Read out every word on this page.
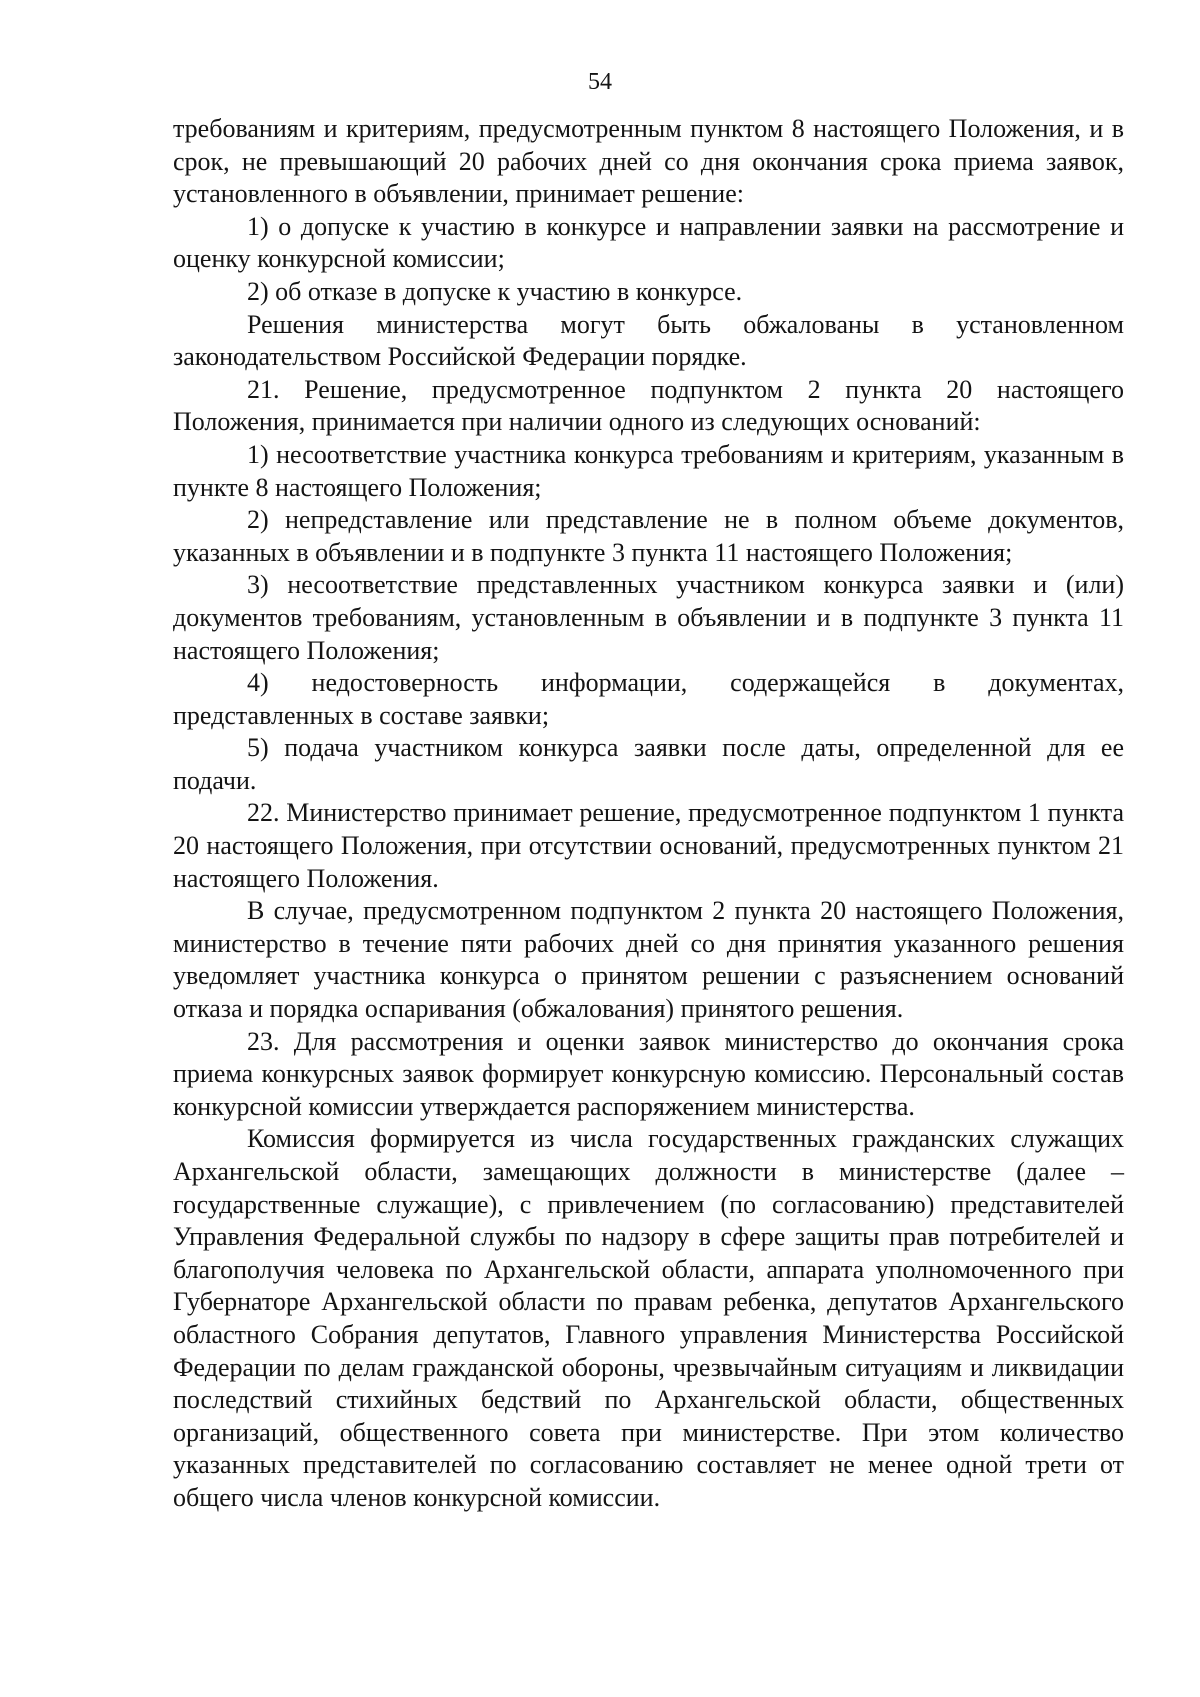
54

требованиям и критериям, предусмотренным пунктом 8 настоящего Положения, и в срок, не превышающий 20 рабочих дней со дня окончания срока приема заявок, установленного в объявлении, принимает решение:

1) о допуске к участию в конкурсе и направлении заявки на рассмотрение и оценку конкурсной комиссии;

2) об отказе в допуске к участию в конкурсе.

Решения министерства могут быть обжалованы в установленном законодательством Российской Федерации порядке.

21. Решение, предусмотренное подпунктом 2 пункта 20 настоящего Положения, принимается при наличии одного из следующих оснований:

1) несоответствие участника конкурса требованиям и критериям, указанным в пункте 8 настоящего Положения;

2) непредставление или представление не в полном объеме документов, указанных в объявлении и в подпункте 3 пункта 11 настоящего Положения;

3) несоответствие представленных участником конкурса заявки и (или) документов требованиям, установленным в объявлении и в подпункте 3 пункта 11 настоящего Положения;

4) недостоверность информации, содержащейся в документах, представленных в составе заявки;

5) подача участником конкурса заявки после даты, определенной для ее подачи.

22. Министерство принимает решение, предусмотренное подпунктом 1 пункта 20 настоящего Положения, при отсутствии оснований, предусмотренных пунктом 21 настоящего Положения.

В случае, предусмотренном подпунктом 2 пункта 20 настоящего Положения, министерство в течение пяти рабочих дней со дня принятия указанного решения уведомляет участника конкурса о принятом решении с разъяснением оснований отказа и порядка оспаривания (обжалования) принятого решения.

23. Для рассмотрения и оценки заявок министерство до окончания срока приема конкурсных заявок формирует конкурсную комиссию. Персональный состав конкурсной комиссии утверждается распоряжением министерства.

Комиссия формируется из числа государственных гражданских служащих Архангельской области, замещающих должности в министерстве (далее – государственные служащие), с привлечением (по согласованию) представителей Управления Федеральной службы по надзору в сфере защиты прав потребителей и благополучия человека по Архангельской области, аппарата уполномоченного при Губернаторе Архангельской области по правам ребенка, депутатов Архангельского областного Собрания депутатов, Главного управления Министерства Российской Федерации по делам гражданской обороны, чрезвычайным ситуациям и ликвидации последствий стихийных бедствий по Архангельской области, общественных организаций, общественного совета при министерстве. При этом количество указанных представителей по согласованию составляет не менее одной трети от общего числа членов конкурсной комиссии.
